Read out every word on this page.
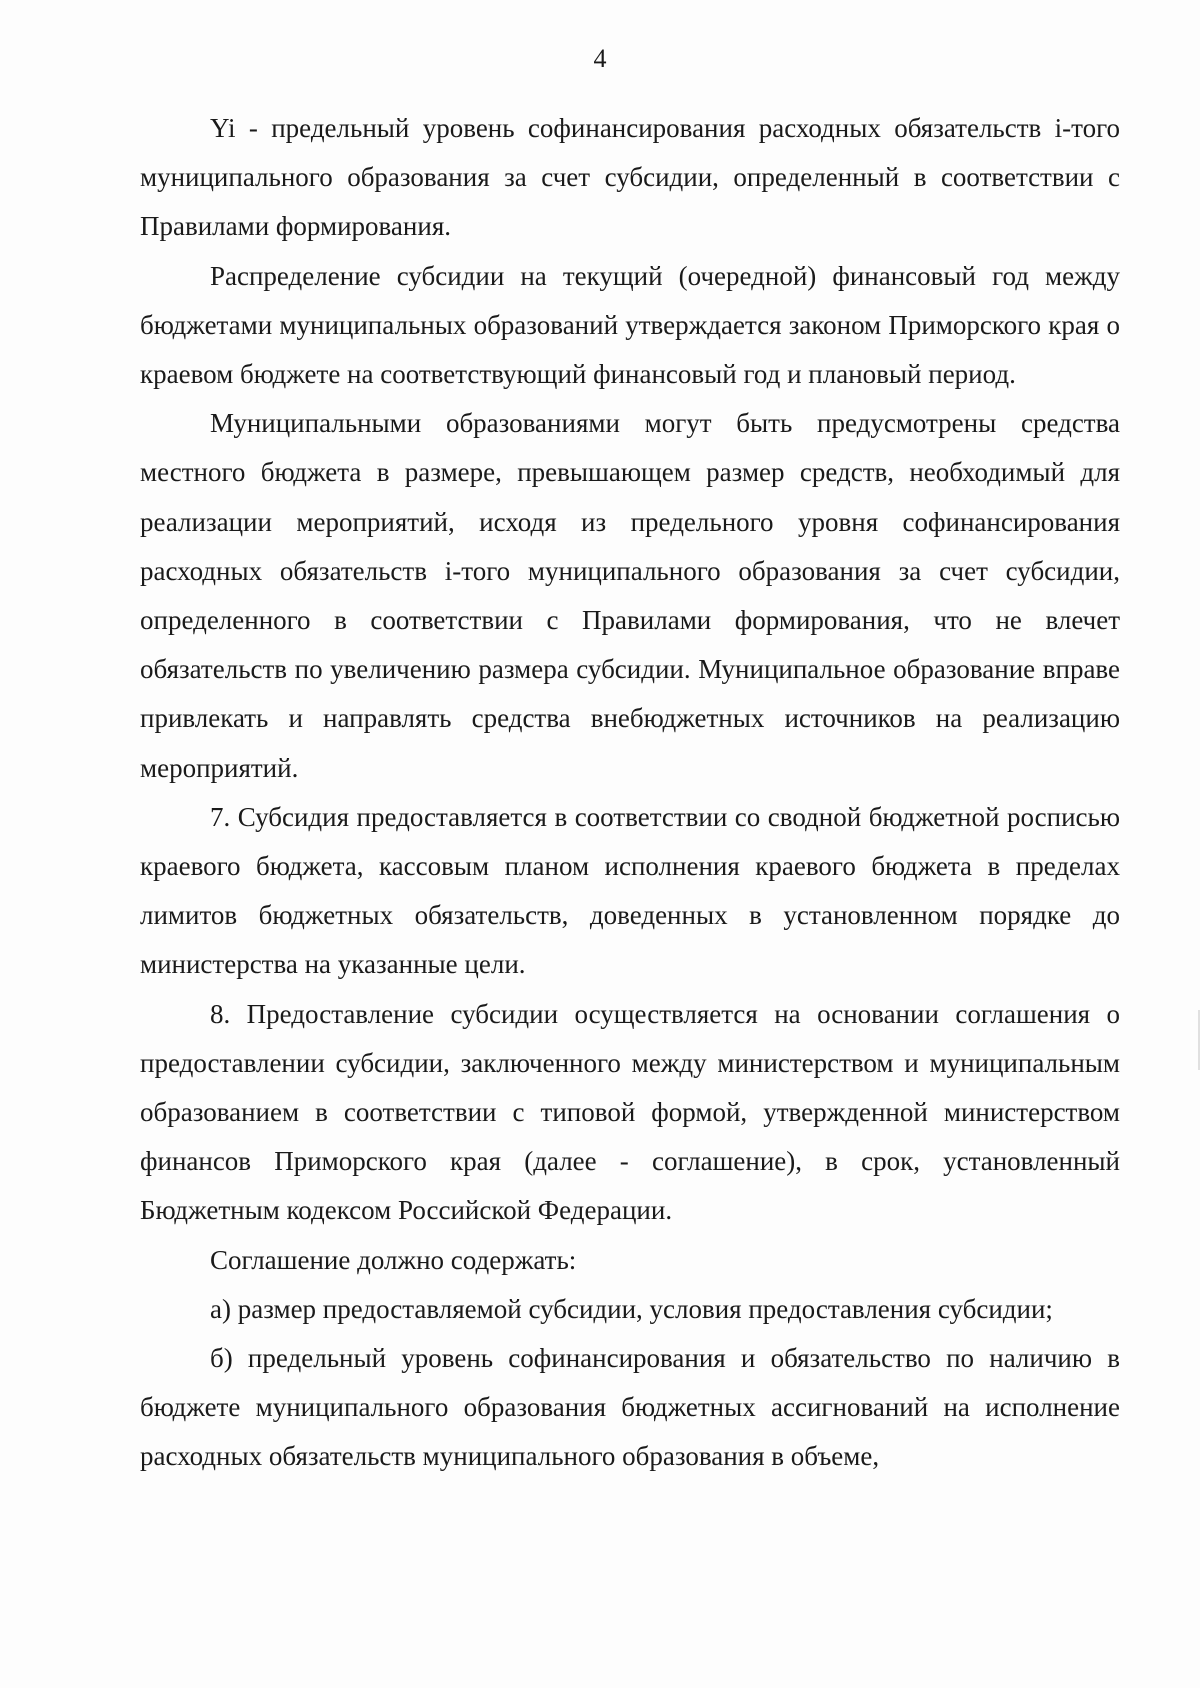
4

Yi - предельный уровень софинансирования расходных обязательств i-того муниципального образования за счет субсидии, определенный в соответствии с Правилами формирования.

Распределение субсидии на текущий (очередной) финансовый год между бюджетами муниципальных образований утверждается законом Приморского края о краевом бюджете на соответствующий финансовый год и плановый период.

Муниципальными образованиями могут быть предусмотрены средства местного бюджета в размере, превышающем размер средств, необходимый для реализации мероприятий, исходя из предельного уровня софинансирования расходных обязательств i-того муниципального образования за счет субсидии, определенного в соответствии с Правилами формирования, что не влечет обязательств по увеличению размера субсидии. Муниципальное образование вправе привлекать и направлять средства внебюджетных источников на реализацию мероприятий.

7. Субсидия предоставляется в соответствии со сводной бюджетной росписью краевого бюджета, кассовым планом исполнения краевого бюджета в пределах лимитов бюджетных обязательств, доведенных в установленном порядке до министерства на указанные цели.

8. Предоставление субсидии осуществляется на основании соглашения о предоставлении субсидии, заключенного между министерством и муниципальным образованием в соответствии с типовой формой, утвержденной министерством финансов Приморского края (далее - соглашение), в срок, установленный Бюджетным кодексом Российской Федерации.

Соглашение должно содержать:

а) размер предоставляемой субсидии, условия предоставления субсидии;

б) предельный уровень софинансирования и обязательство по наличию в бюджете муниципального образования бюджетных ассигнований на исполнение расходных обязательств муниципального образования в объеме,
